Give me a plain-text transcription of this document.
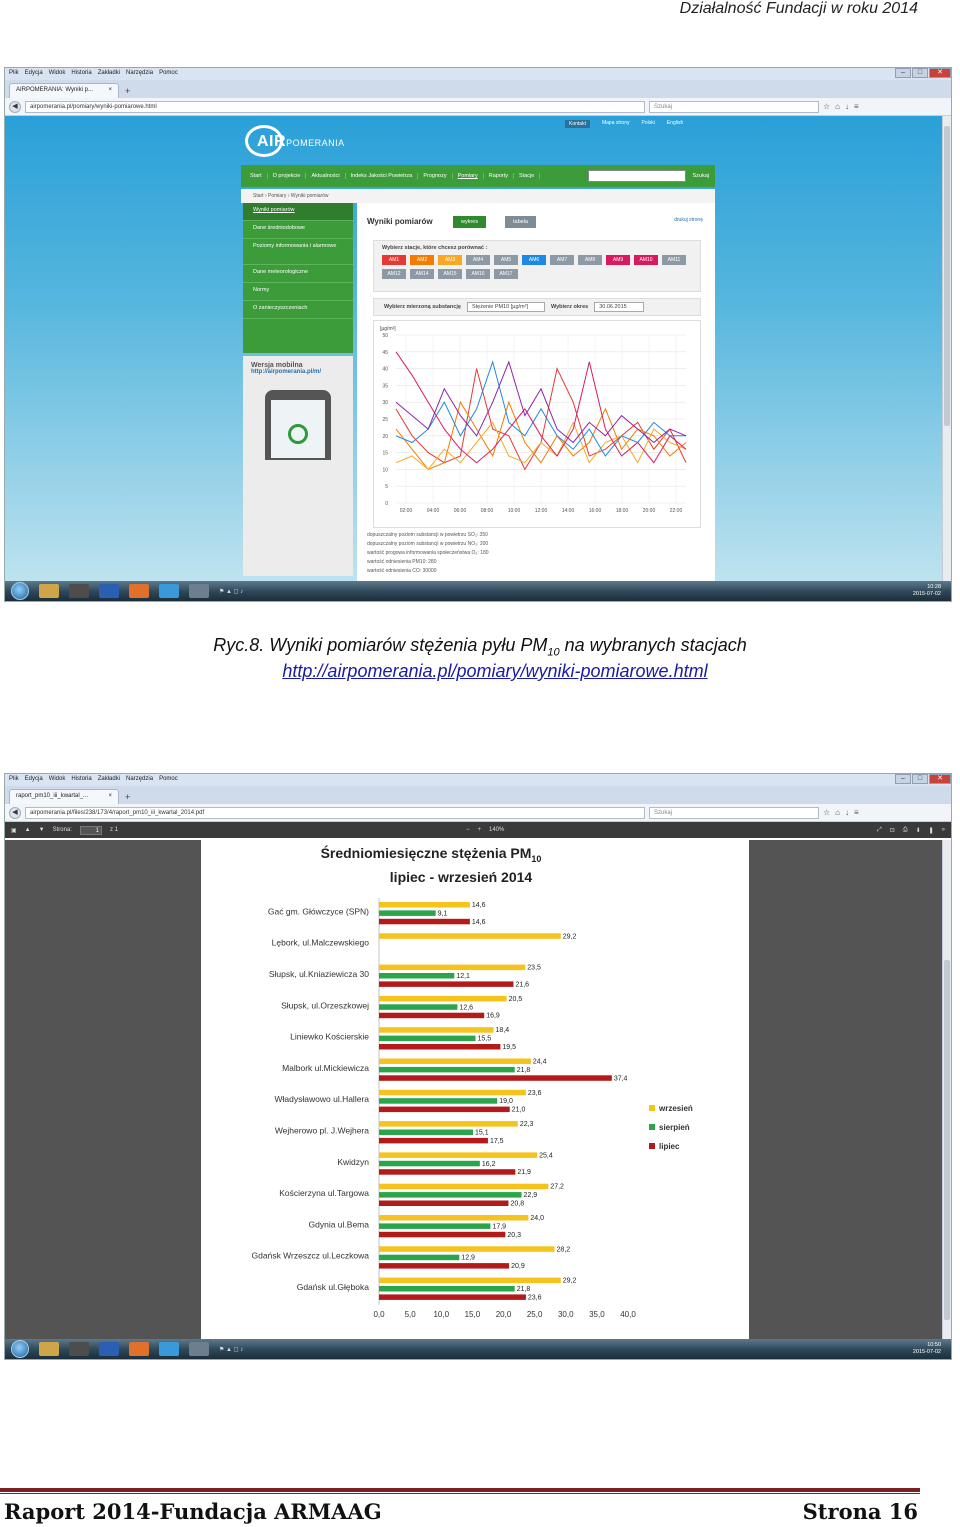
Działalność Fundacji w roku 2014
Plik Edycja Widok Historia Zakładki Narzędzia Pomoc	–	□	✕
AIRPOMERANIA: Wyniki p...	× +
◀	airpomerania.pl/pomiary/wyniki-pomiarowe.html	Szukaj	☆ ⌂ ↓ ≡
Kontakt	Mapa strony Polski English
AIRPOMERANIA
Start	O projekcie	Aktualności	Indeks Jakości Powietrza	Prognozy	Pomiary	Raporty	Stacje	Szukaj
Start › Pomiary › Wyniki pomiarów
Wyniki pomiarów
Dane średniodobowe
Poziomy informowania i alarmowe
Dane meteorologiczne
Normy
O zanieczyszczeniach
Wersja mobilna
http://airpomerania.pl/m/
Wyniki pomiarów	wykres	tabela	drukuj stronę
Wybierz stacje, które chcesz porównać :
AM1	AM2	AM3	AM4	AM5	AM6	AM7	AM8	AM9	AM10	AM11
AM12	AM14	AM15	AM16	AM17
Wybierz mierzoną substancję	Stężenie PM10 [µg/m³]	Wybierz okres	30.06.2015
[µg/m³]
0
5
10
15
20
25
30
35
40
45
50
02:00	04:00	06:00	08:00	10:00	12:00	14:00	16:00	18:00	20:00	22:00
dopuszczalny poziom substancji w powietrzu SO₂: 350
dopuszczalny poziom substancji w powietrzu NO₂: 200
wartość progowa informowania społeczeństwa O₃: 180
wartość odniesienia PM10: 280
wartość odniesienia CO: 30000
⚑ ▲ ◻ ♪
10:28
2015-07-02
Ryc.8. Wyniki pomiarów stężenia pyłu $PM_{10}$ na wybranych stacjach
http://airpomerania.pl/pomiary/wyniki-pomiarowe.html
Plik Edycja Widok Historia Zakładki Narzędzia Pomoc	–	□	✕
raport_pm10_iii_kwartal_...	× +
◀	airpomerania.pl/files/238/173/4/raport_pm10_iii_kwartal_2014.pdf	Szukaj	☆ ⌂ ↓ ≡
▣ ▲ ▼ Strona:	1	z 1	− + 140%	⤢ ⊡ ⎙ ⬇ ❚ »
Średniomiesięczne stężenia $PM_{10}$
lipiec - wrzesień 2014
Gać gm. Główczyce (SPN)
14,6
9,1
14,6
Lębork, ul.Malczewskiego
29,2
Słupsk, ul.Kniaziewicza 30
23,5
12,1
21,6
Słupsk, ul.Orzeszkowej
20,5
12,6
16,9
Liniewko Kościerskie
18,4
15,5
19,5
Malbork ul.Mickiewicza
24,4
21,8
37,4
Władysławowo ul.Hallera
23,6
19,0
21,0
Wejherowo pl. J.Wejhera
22,3
15,1
17,5
Kwidzyn
25,4
16,2
21,9
Kościerzyna ul.Targowa
27,2
22,9
20,8
Gdynia ul.Bema
24,0
17,9
20,3
Gdańsk Wrzeszcz ul.Leczkowa
28,2
12,9
20,9
Gdańsk ul.Głęboka
29,2
21,8
23,6
0,0	5,0 10,0 15,0 20,0 25,0 30,0 35,0 40,0
wrzesień
sierpień
lipiec
⚑ ▲ ◻ ♪
10:50
2015-07-02
Raport 2014-Fundacja ARMAAG	Strona 16
